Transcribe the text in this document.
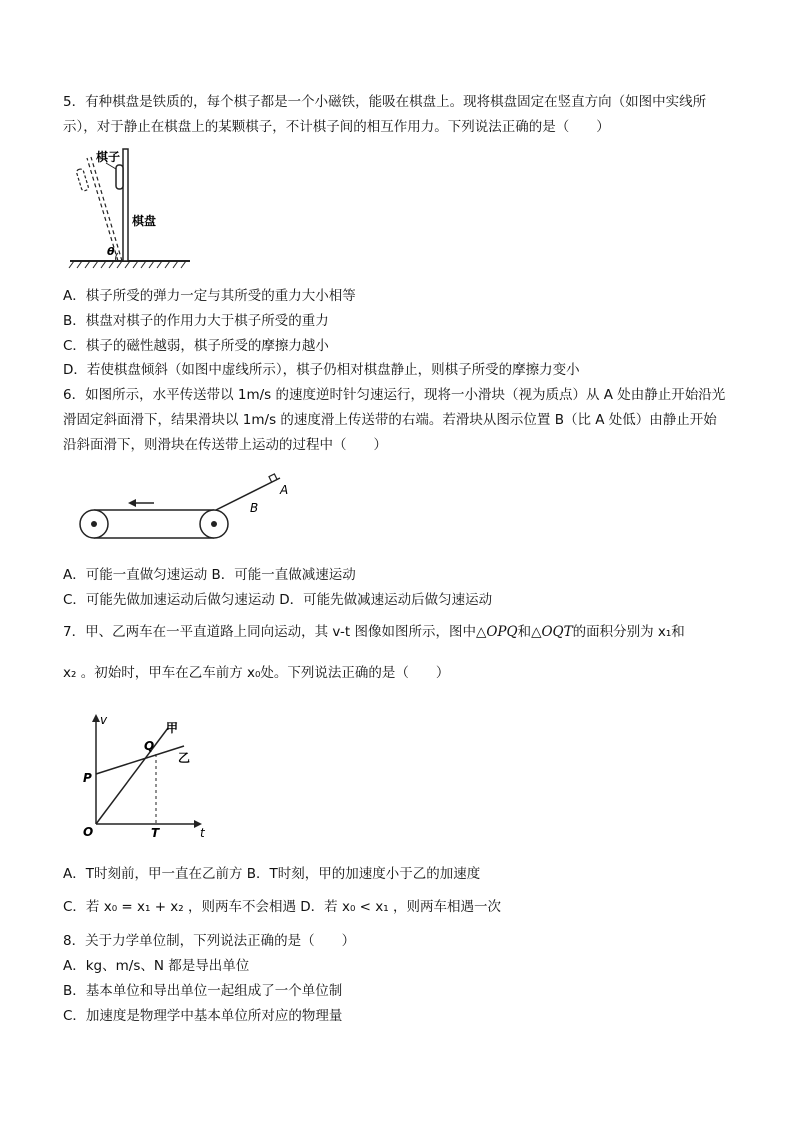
5．有种棋盘是铁质的，每个棋子都是一个小磁铁，能吸在棋盘上。现将棋盘固定在竖直方向（如图中实线所
示），对于静止在棋盘上的某颗棋子，不计棋子间的相互作用力。下列说法正确的是（　　）
棋子
棋盘
θ
A．棋子所受的弹力一定与其所受的重力大小相等
B．棋盘对棋子的作用力大于棋子所受的重力
C．棋子的磁性越弱，棋子所受的摩擦力越小
D．若使棋盘倾斜（如图中虚线所示），棋子仍相对棋盘静止，则棋子所受的摩擦力变小
6．如图所示，水平传送带以 1m/s 的速度逆时针匀速运行，现将一小滑块（视为质点）从 A 处由静止开始沿光
滑固定斜面滑下，结果滑块以 1m/s 的速度滑上传送带的右端。若滑块从图示位置 B（比 A 处低）由静止开始
沿斜面滑下，则滑块在传送带上运动的过程中（　　）
A
B
A．可能一直做匀速运动 B．可能一直做减速运动
C．可能先做加速运动后做匀速运动 D．可能先做减速运动后做匀速运动
7．甲、乙两车在一平直道路上同向运动，其 v-t 图像如图所示，图中△OPQ和△OQT的面积分别为 x₁和
x₂ 。初始时，甲车在乙车前方 x₀处。下列说法正确的是（　　）
v
t
O
P
Q
T
甲
乙
A．T时刻前，甲一直在乙前方 B．T时刻，甲的加速度小于乙的加速度
C．若 x₀ = x₁ + x₂ ，则两车不会相遇 D．若 x₀ < x₁ ，则两车相遇一次
8．关于力学单位制，下列说法正确的是（　　）
A．kg、m/s、N 都是导出单位
B．基本单位和导出单位一起组成了一个单位制
C．加速度是物理学中基本单位所对应的物理量
